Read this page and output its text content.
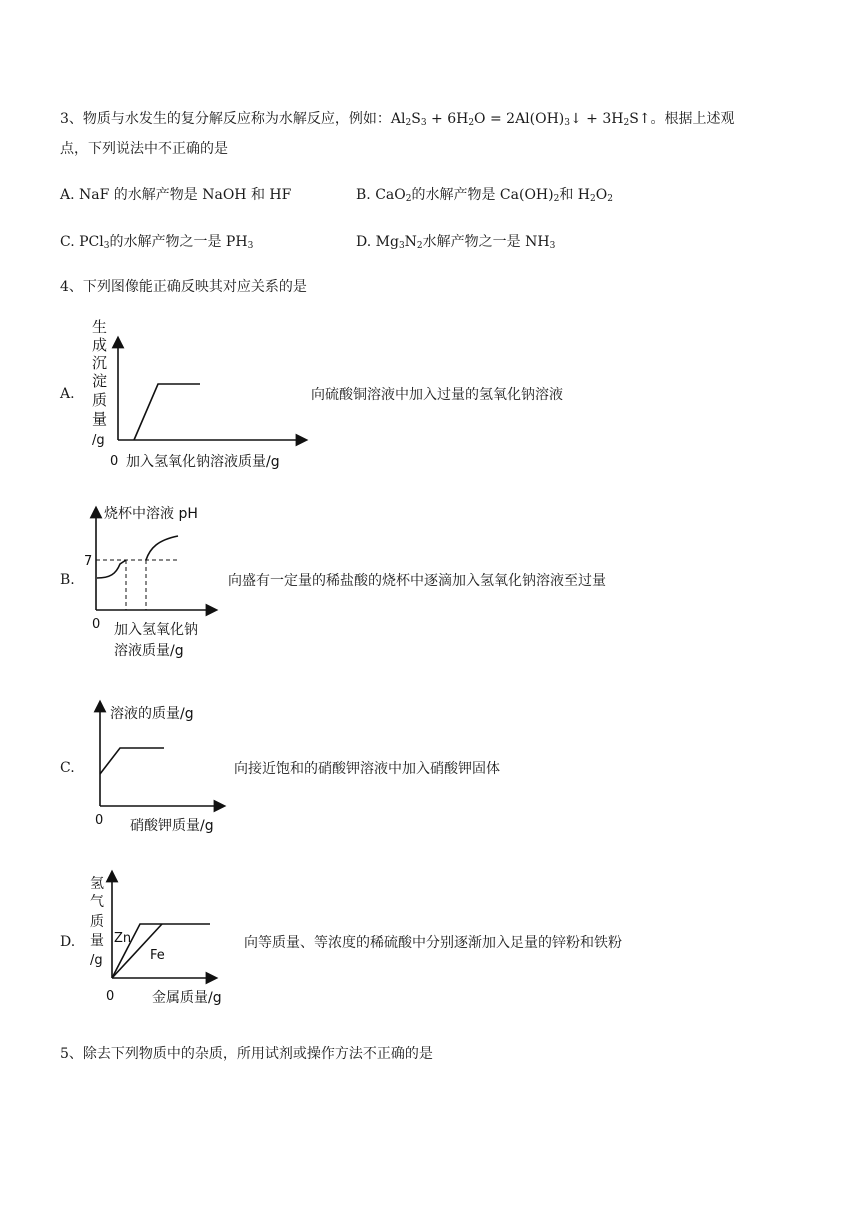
3、物质与水发生的复分解反应称为水解反应，例如：$Al_2S_3 + 6H_2O$ = $2Al(OH)_3↓$ + $3H_2S↑$。根据上述观
点，下列说法中不正确的是
A. NaF 的水解产物是 NaOH 和 HF	B. CaO$_2$的水解产物是 $Ca(OH)_2$和 $H_2O_2$
C. PCl$_3$的水解产物之一是 $PH_3$	D. $Mg_3N_2$水解产物之一是 $NH_3$
4、下列图像能正确反映其对应关系的是
A.
生
成
沉
淀
质
量
/g
0 加入氢氧化钠溶液质量/g
向硫酸铜溶液中加入过量的氢氧化钠溶液
B.
烧杯中溶液 pH
7
0 加入氢氧化钠
溶液质量/g
向盛有一定量的稀盐酸的烧杯中逐滴加入氢氧化钠溶液至过量
C.
溶液的质量/g
0 硝酸钾质量/g
向接近饱和的硝酸钾溶液中加入硝酸钾固体
D.
氢
气
质
量
/g
Zn
Fe
0	金属质量/g
向等质量、等浓度的稀硫酸中分别逐渐加入足量的锌粉和铁粉
5、除去下列物质中的杂质，所用试剂或操作方法不正确的是
